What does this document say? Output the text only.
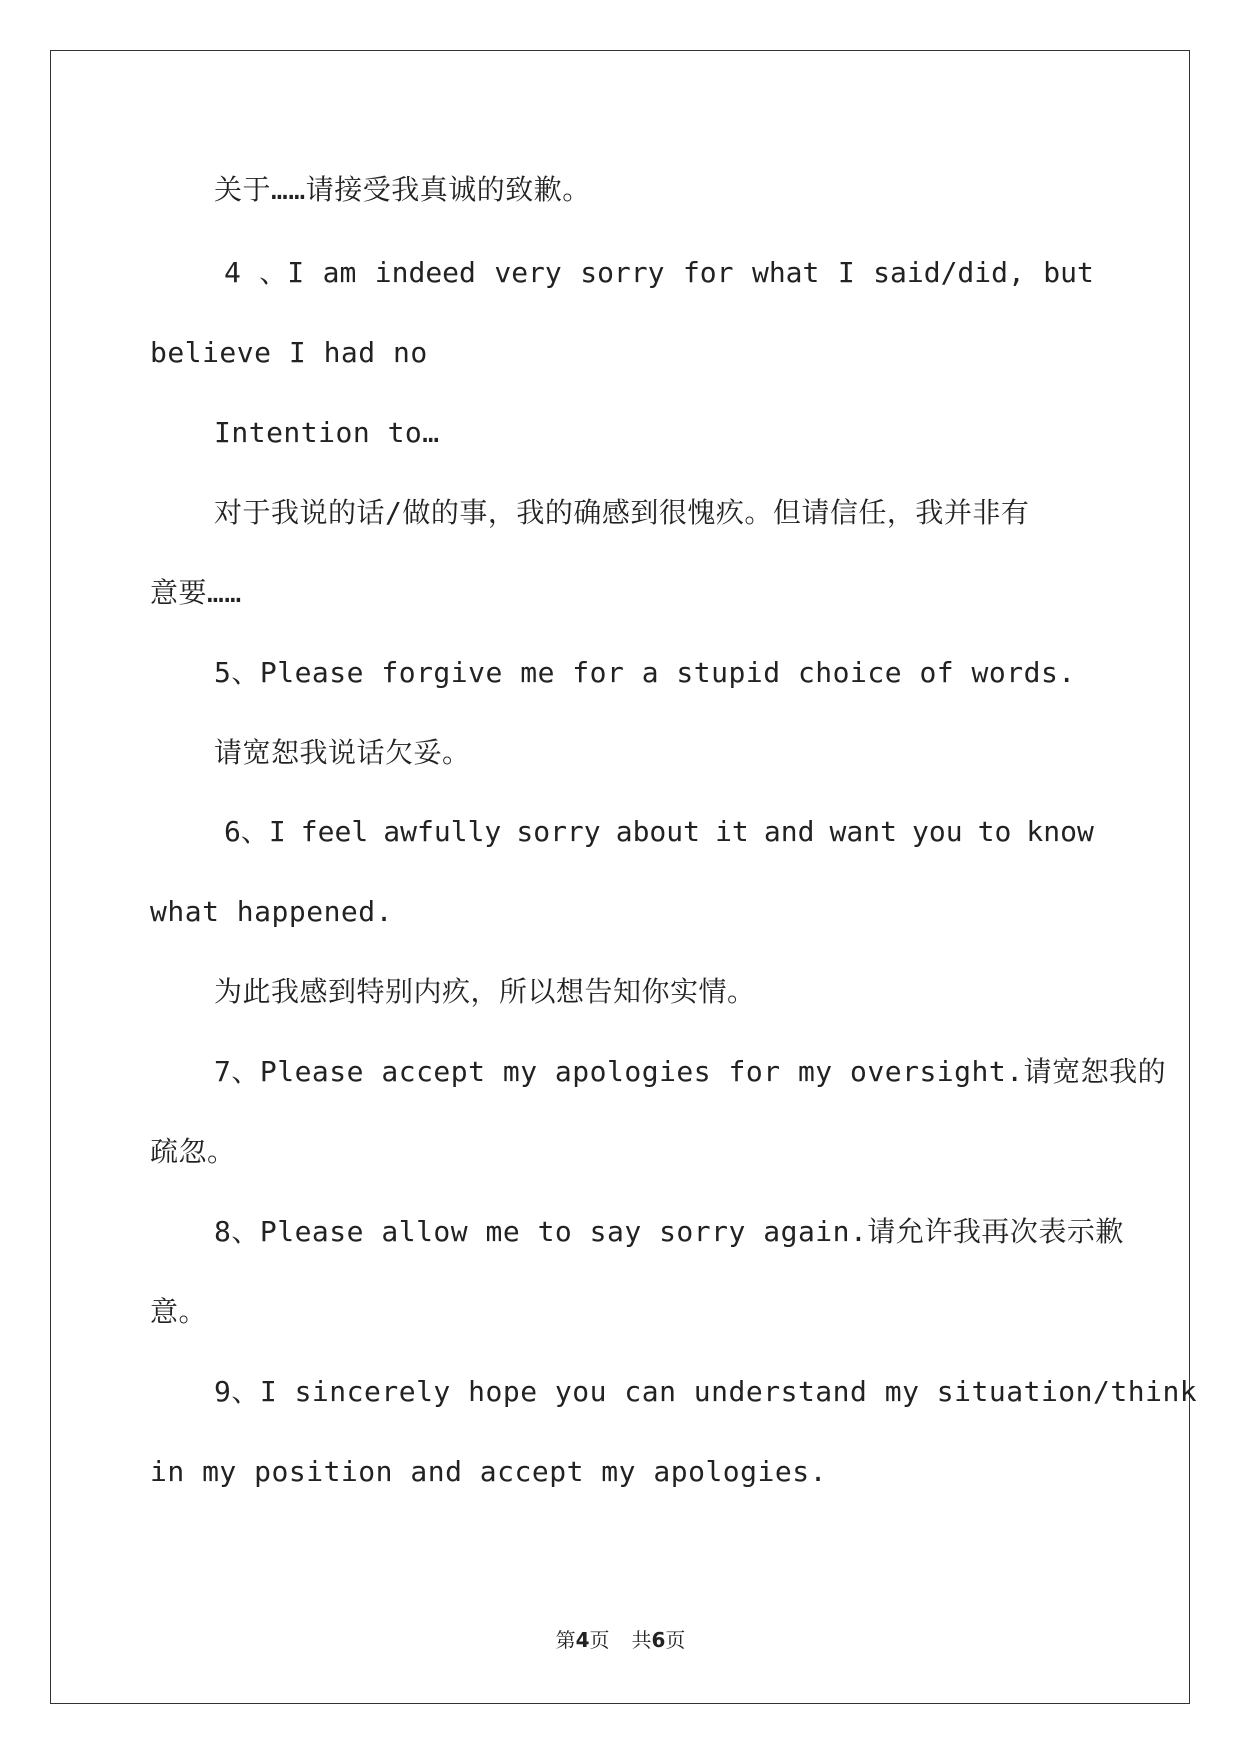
关于……请接受我真诚的致歉。
4 、I am indeed very sorry for what I said/did, but
believe I had no
Intention to…
对于我说的话/做的事，我的确感到很愧疚。但请信任，我并非有
意要……
5、Please forgive me for a stupid choice of words.
请宽恕我说话欠妥。
6、I feel awfully sorry about it and want you to know
what happened.
为此我感到特别内疚，所以想告知你实情。
7、Please accept my apologies for my oversight.请宽恕我的
疏忽。
8、Please allow me to say sorry again.请允许我再次表示歉
意。
9、I sincerely hope you can understand my situation/think
in my position and accept my apologies.
第4页 共6页
